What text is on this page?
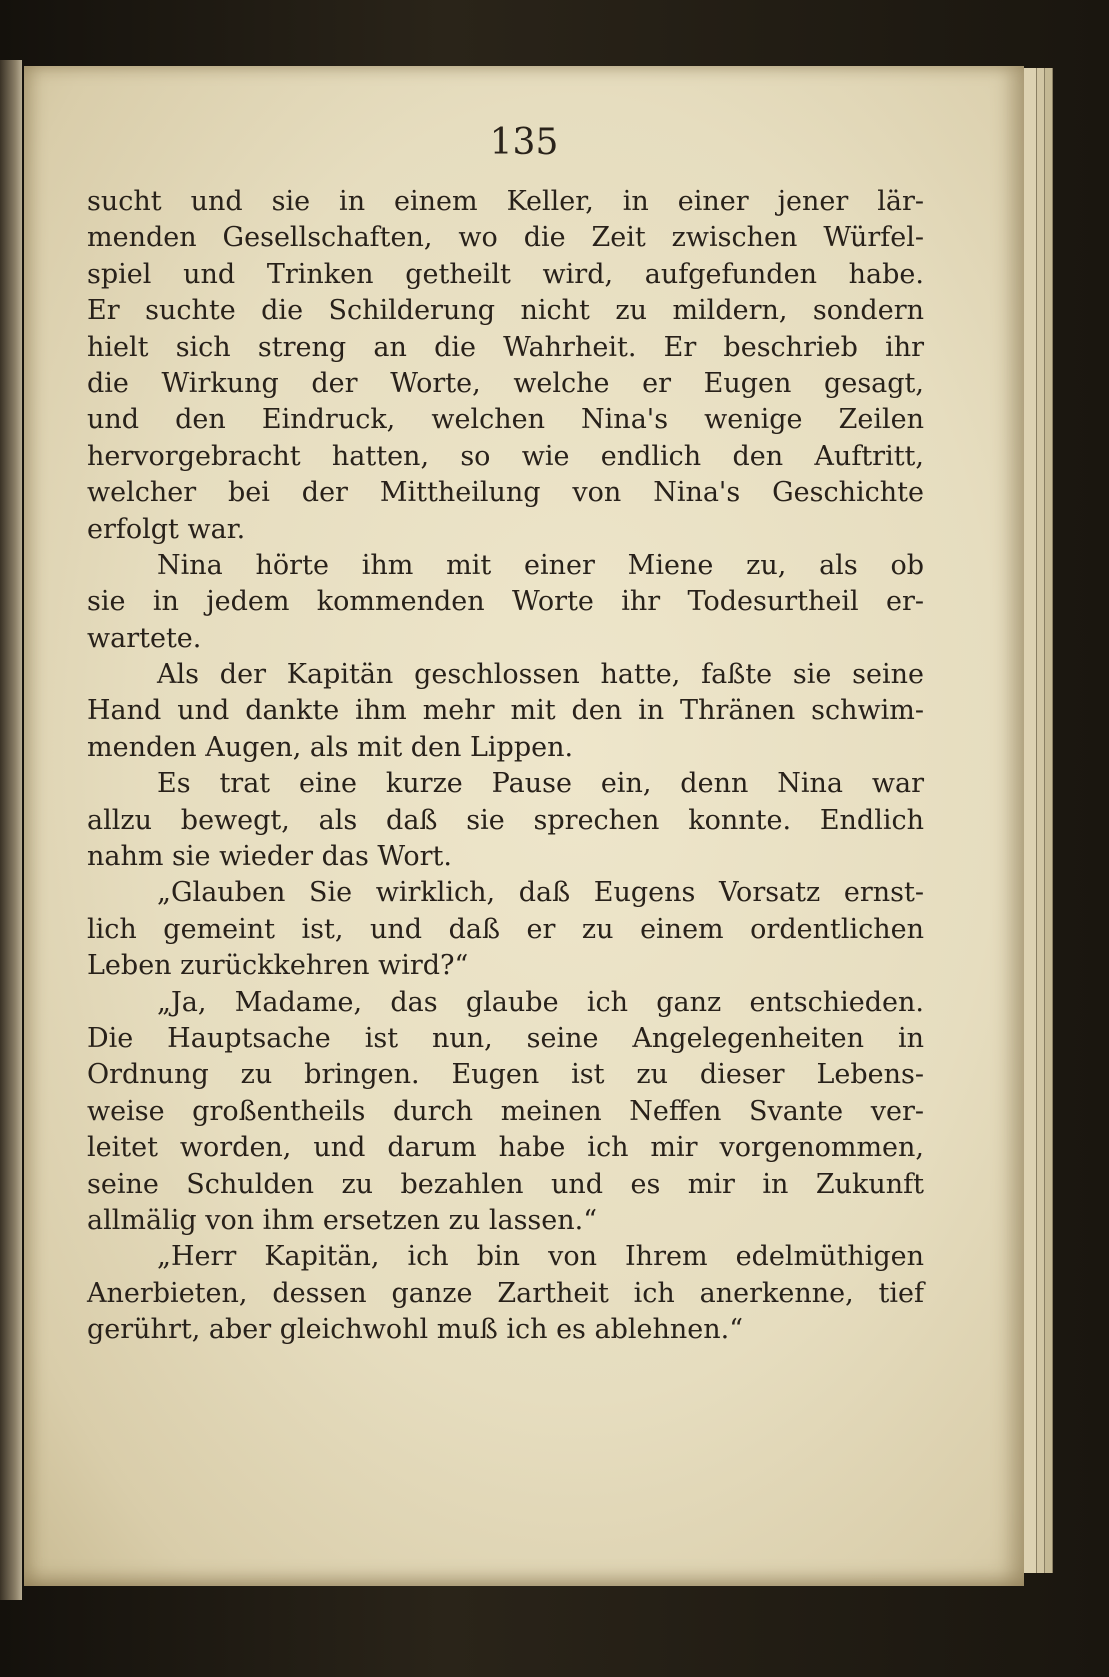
135
sucht und sie in einem Keller, in einer jener lär-
menden Gesellschaften, wo die Zeit zwischen Würfel-
spiel und Trinken getheilt wird, aufgefunden habe.
Er suchte die Schilderung nicht zu mildern, sondern
hielt sich streng an die Wahrheit. Er beschrieb ihr
die Wirkung der Worte, welche er Eugen gesagt,
und den Eindruck, welchen Nina's wenige Zeilen
hervorgebracht hatten, so wie endlich den Auftritt,
welcher bei der Mittheilung von Nina's Geschichte
erfolgt war.
Nina hörte ihm mit einer Miene zu, als ob
sie in jedem kommenden Worte ihr Todesurtheil er-
wartete.
Als der Kapitän geschlossen hatte, faßte sie seine
Hand und dankte ihm mehr mit den in Thränen schwim-
menden Augen, als mit den Lippen.
Es trat eine kurze Pause ein, denn Nina war
allzu bewegt, als daß sie sprechen konnte. Endlich
nahm sie wieder das Wort.
„Glauben Sie wirklich, daß Eugens Vorsatz ernst-
lich gemeint ist, und daß er zu einem ordentlichen
Leben zurückkehren wird?“
„Ja, Madame, das glaube ich ganz entschieden.
Die Hauptsache ist nun, seine Angelegenheiten in
Ordnung zu bringen. Eugen ist zu dieser Lebens-
weise großentheils durch meinen Neffen Svante ver-
leitet worden, und darum habe ich mir vorgenommen,
seine Schulden zu bezahlen und es mir in Zukunft
allmälig von ihm ersetzen zu lassen.“
„Herr Kapitän, ich bin von Ihrem edelmüthigen
Anerbieten, dessen ganze Zartheit ich anerkenne, tief
gerührt, aber gleichwohl muß ich es ablehnen.“
